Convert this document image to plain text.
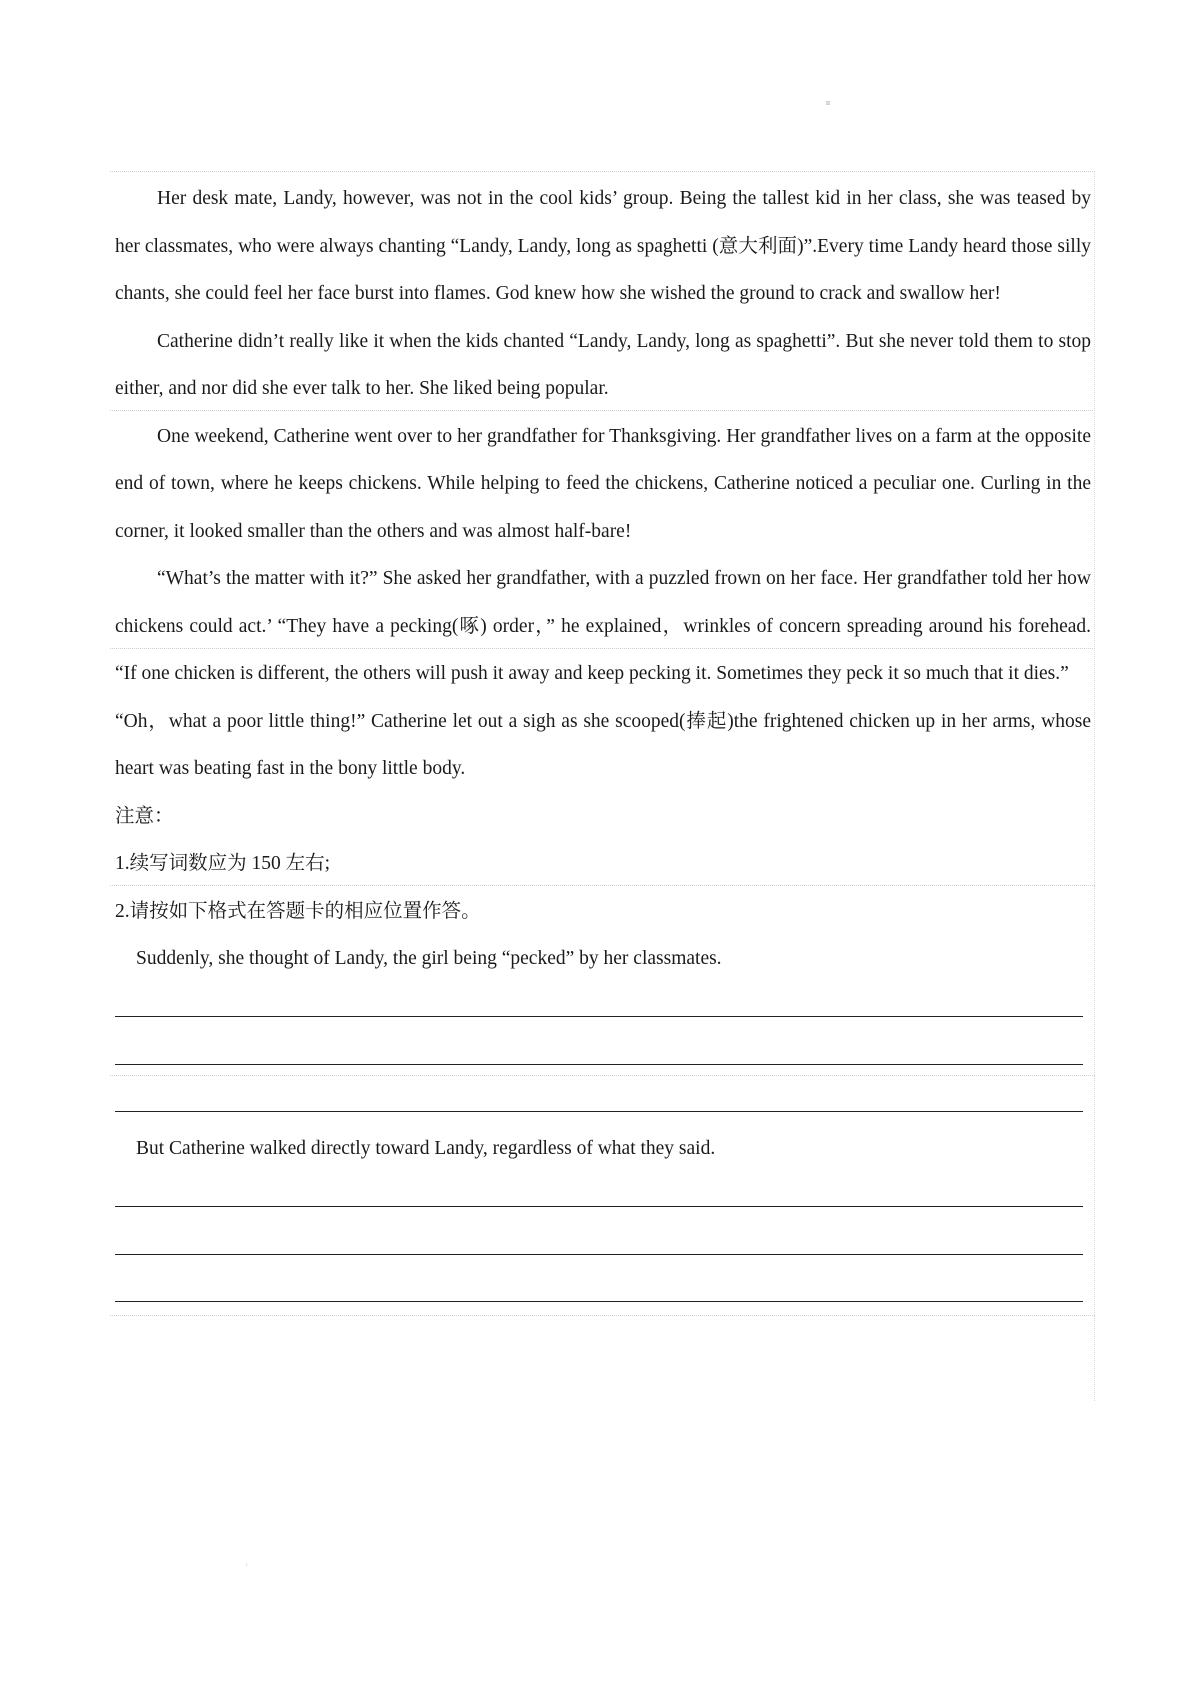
II

Her desk mate, Landy, however, was not in the cool kids’ group. Being the tallest kid in her class, she was teased by her classmates, who were always chanting “Landy, Landy, long as spaghetti (意大利面)”.Every time Landy heard those silly chants, she could feel her face burst into flames. God knew how she wished the ground to crack and swallow her!

Catherine didn’t really like it when the kids chanted “Landy, Landy, long as spaghetti”. But she never told them to stop either, and nor did she ever talk to her. She liked being popular.

One weekend, Catherine went over to her grandfather for Thanksgiving. Her grandfather lives on a farm at the opposite end of town, where he keeps chickens. While helping to feed the chickens, Catherine noticed a peculiar one. Curling in the corner, it looked smaller than the others and was almost half-bare!

“What’s the matter with it?” She asked her grandfather, with a puzzled frown on her face. Her grandfather told her how chickens could act.’ “They have a pecking(啄) order，” he explained，wrinkles of concern spreading around his forehead. “If one chicken is different, the others will push it away and keep pecking it. Sometimes they peck it so much that it dies.”

“Oh，what a poor little thing!” Catherine let out a sigh as she scooped(捧起)the frightened chicken up in her arms, whose heart was beating fast in the bony little body.

注意：

1.续写词数应为 150 左右;

2.请按如下格式在答题卡的相应位置作答。

Suddenly, she thought of Landy, the girl being “pecked” by her classmates.

But Catherine walked directly toward Landy, regardless of what they said.

:
